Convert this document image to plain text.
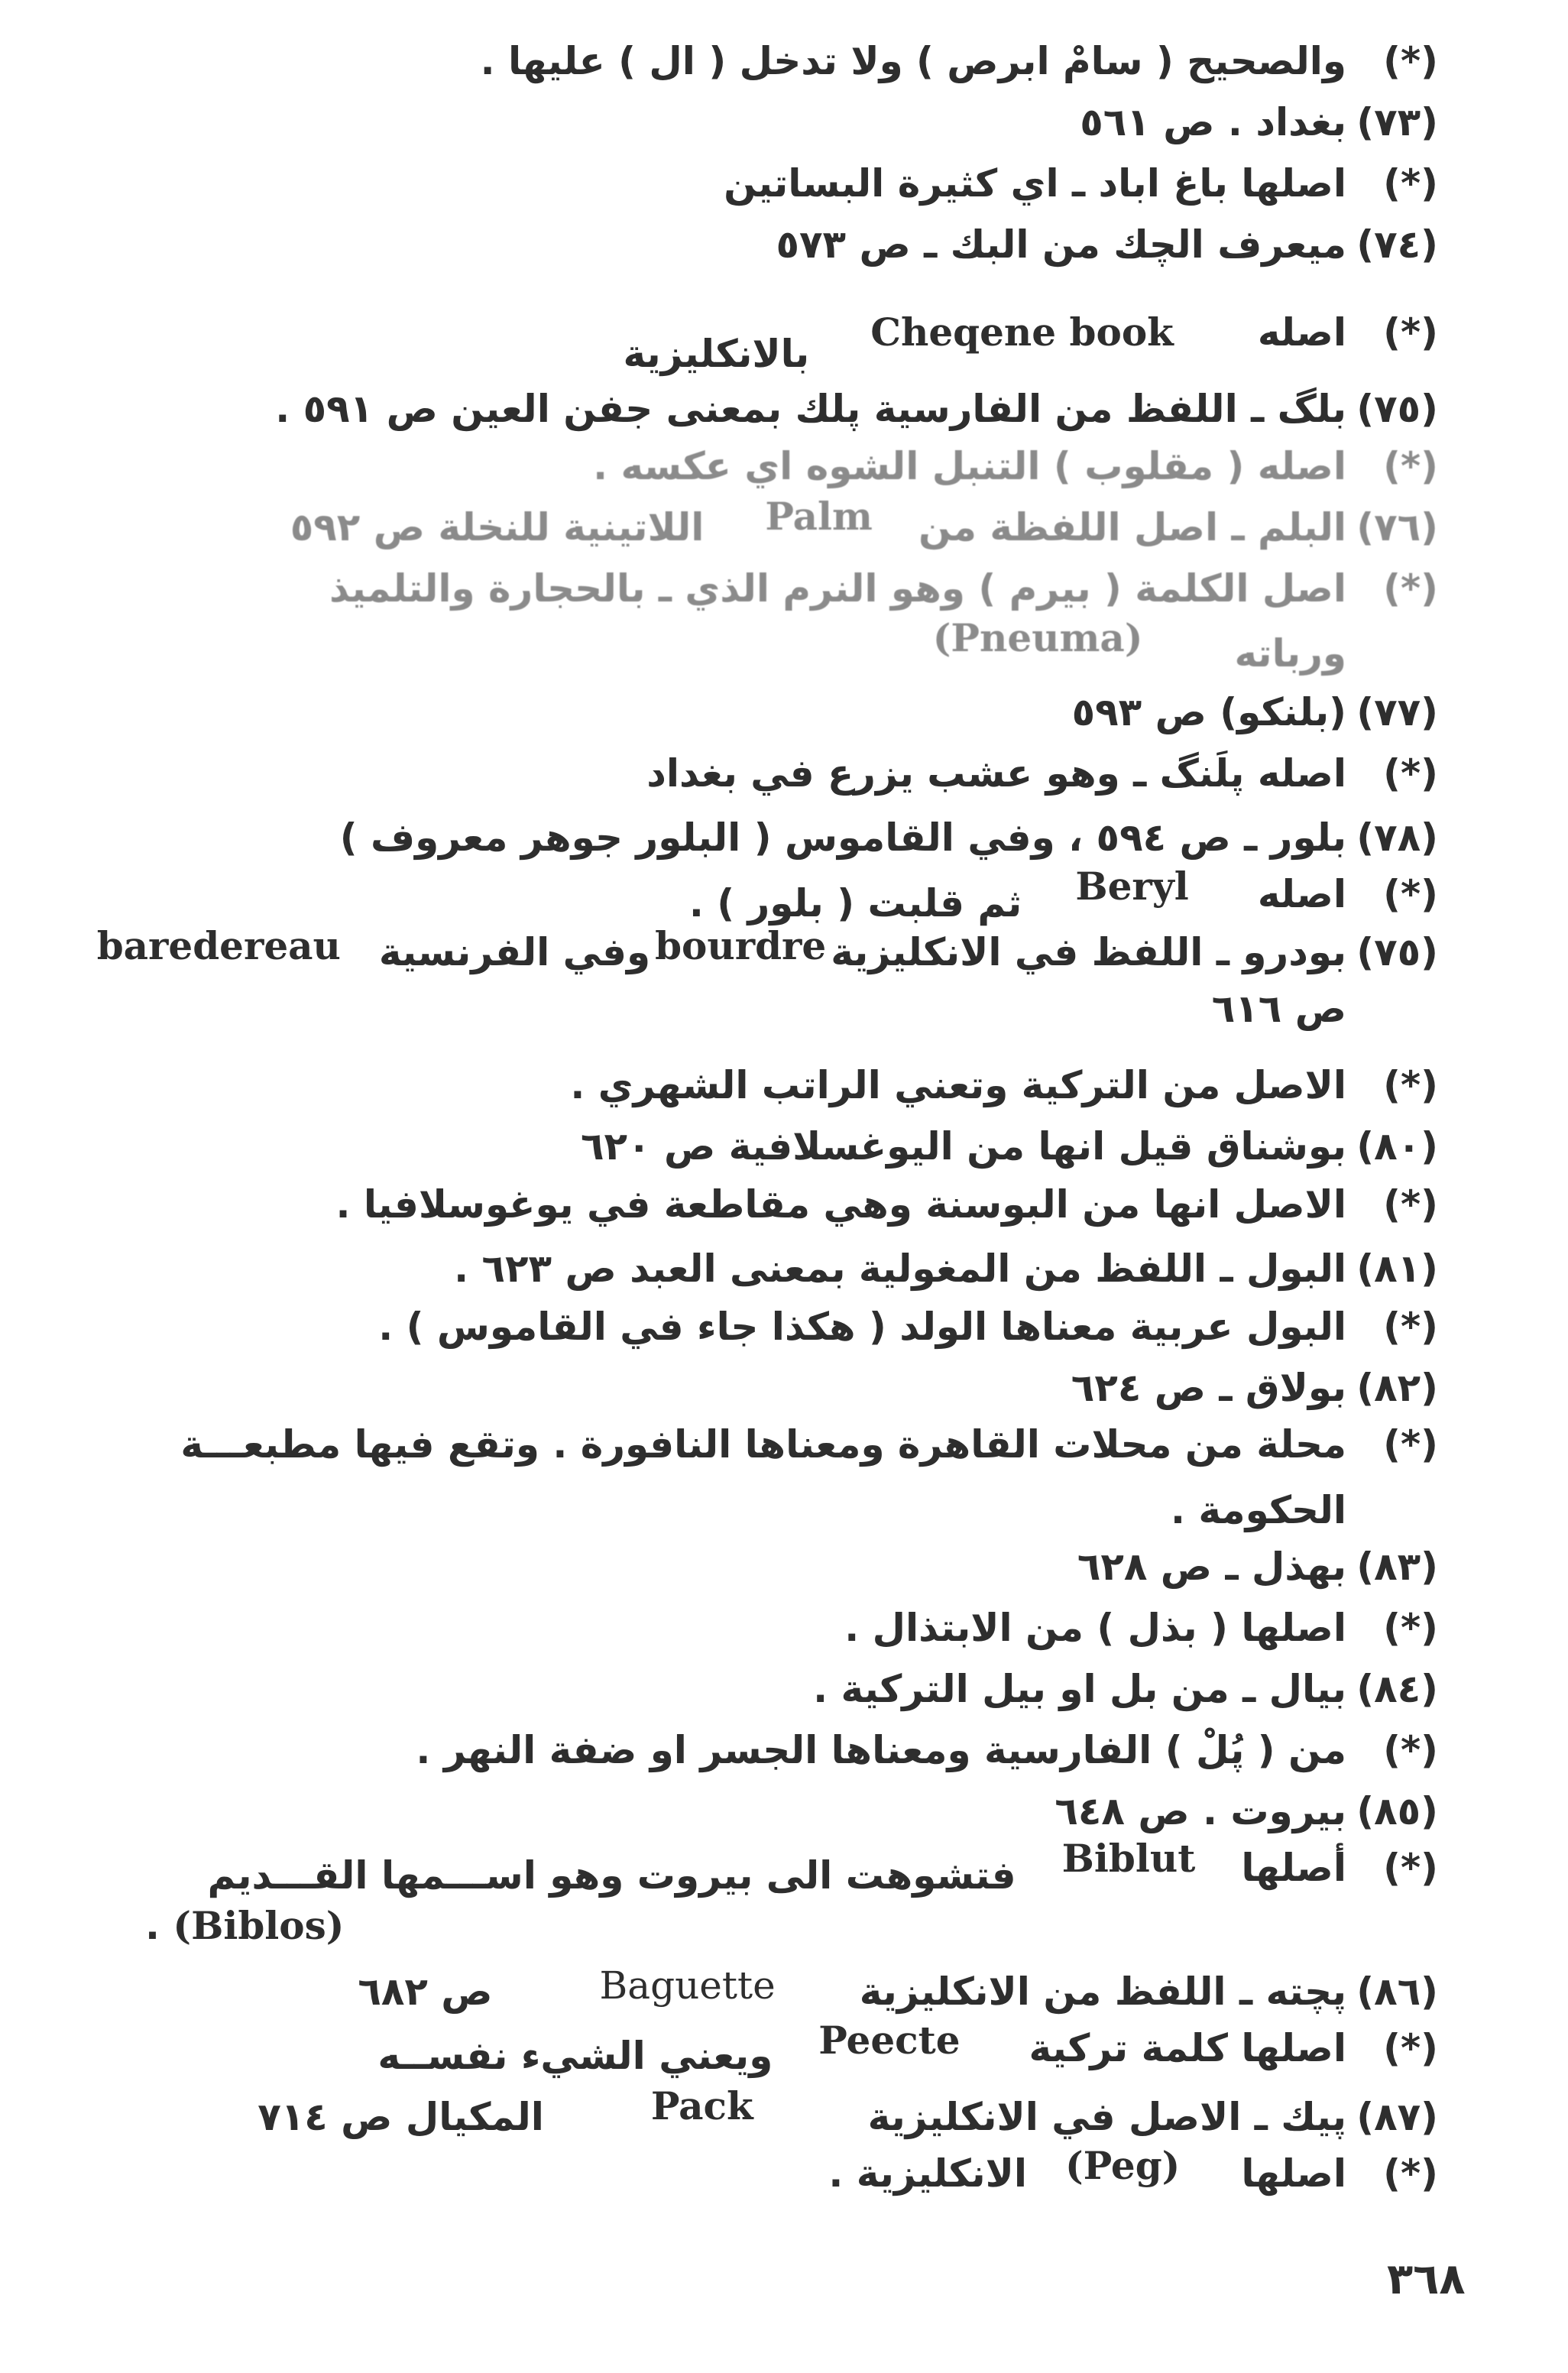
(*)والصحيح ( سامْ ابرص ) ولا تدخل ( ال ) عليها .
(٧٣)بغداد . ص ٥٦١
(*)اصلها باغ اباد ـ اي كثيرة البساتين
(٧٤)ميعرف الچك من البك ـ ص ٥٧٣
(*)اصلهCheqene bookبالانكليزية
(٧٥)بلگ ـ اللفظ من الفارسية پلك بمعنى جفن العين ص ٥٩١ .
(*)اصله ( مقلوب ) التنبل الشوه اي عكسه .
(٧٦)البلم ـ اصل اللفظة منPalmاللاتينية للنخلة ص ٥٩٢
(*)اصل الكلمة ( بيرم ) وهو النرم الذي ـ بالحجارة والتلميذ
ورباته(Pneuma)
(٧٧)(بلنكو) ص ٥٩٣
(*)اصله پلَنگ ـ وهو عشب يزرع في بغداد
(٧٨)بلور ـ ص ٥٩٤ ، وفي القاموس ( البلور جوهر معروف )
(*)اصلهBerylثم قلبت ( بلور ) .
(٧٥)بودرو ـ اللفظ في الانكليزيةbourdreوفي الفرنسيةbaredereau
ص ٦١٦
(*)الاصل من التركية وتعني الراتب الشهري .
(٨٠)بوشناق قيل انها من اليوغسلافية ص ٦٢٠
(*)الاصل انها من البوسنة وهي مقاطعة في يوغوسلافيا .
(٨١)البول ـ اللفظ من المغولية بمعنى العبد ص ٦٢٣ .
(*)البول عربية معناها الولد ( هكذا جاء في القاموس ) .
(٨٢)بولاق ـ ص ٦٢٤
(*)محلة من محلات القاهرة ومعناها النافورة . وتقع فيها مطبعـــة
الحكومة .
(٨٣)بهذل ـ ص ٦٢٨
(*)اصلها ( بذل ) من الابتذال .
(٨٤)بيال ـ من بل او بيل التركية .
(*)من ( پُلْ ) الفارسية ومعناها الجسر او ضفة النهر .
(٨٥)بيروت . ص ٦٤٨
(*)أصلهاBiblutفتشوهت الى بيروت وهو اســـمها القـــديم
. (Biblos)
(٨٦)پچته ـ اللفظ من الانكليزيةBaguetteص ٦٨٢
(*)اصلها كلمة تركيةPeecteويعني الشيء نفســه
(٨٧)پيك ـ الاصل في الانكليزيةPackالمكيال ص ٧١٤
(*)اصلها(Peg)الانكليزية .
٣٦٨
